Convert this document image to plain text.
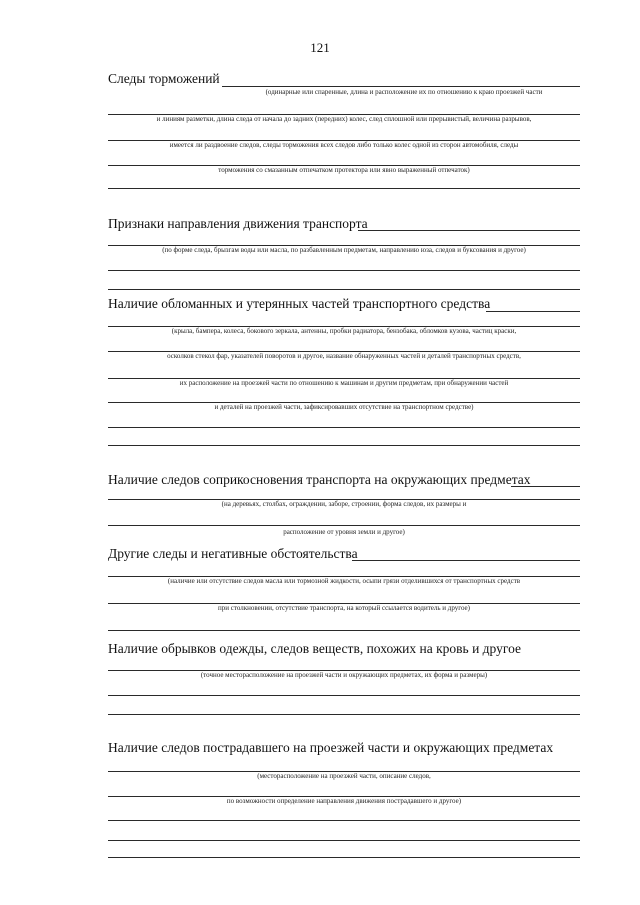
121
Следы торможений
(одинарные или спаренные, длина и расположение их по отношению к краю проезжей части
и линиям разметки, длина следа от начала до задних (передних) колес, след сплошной или прерывистый, величина разрывов,
имеется ли раздвоение следов, следы торможения всех следов либо только колес одной из сторон автомобиля, следы
торможения со смазанным отпечатком протектора или явно выраженный отпечаток)
Признаки направления движения транспорта
(по форме следа, брызгам воды или масла, по разбавленным предметам, направлению юза, следов и буксования и другое)
Наличие обломанных и утерянных частей транспортного средства
(крыла, бампера, колеса, бокового зеркала, антенны, пробки радиатора, бензобака, обломков кузова, частиц краски,
осколков стекол фар, указателей поворотов и другое, название обнаруженных частей и деталей транспортных средств,
их расположение на проезжей части по отношению к машинам и другим предметам, при обнаружении частей
и деталей на проезжей части, зафиксировавших отсутствие на транспортном средстве)
Наличие следов соприкосновения транспорта на окружающих предметах
(на деревьях, столбах, ограждении, заборе, строении, форма следов, их размеры и
расположение от уровня земли и другое)
Другие следы и негативные обстоятельства
(наличие или отсутствие следов масла или тормозной жидкости, осыпи грязи отделившихся от транспортных средств
при столкновении, отсутствие транспорта, на который ссылается водитель и другое)
Наличие обрывков одежды, следов веществ, похожих на кровь и другое
(точное месторасположение на проезжей части и окружающих предметах, их форма и размеры)
Наличие следов пострадавшего на проезжей части и окружающих предметах
(месторасположение на проезжей части, описание следов,
по возможности определение направления движения пострадавшего и другое)
